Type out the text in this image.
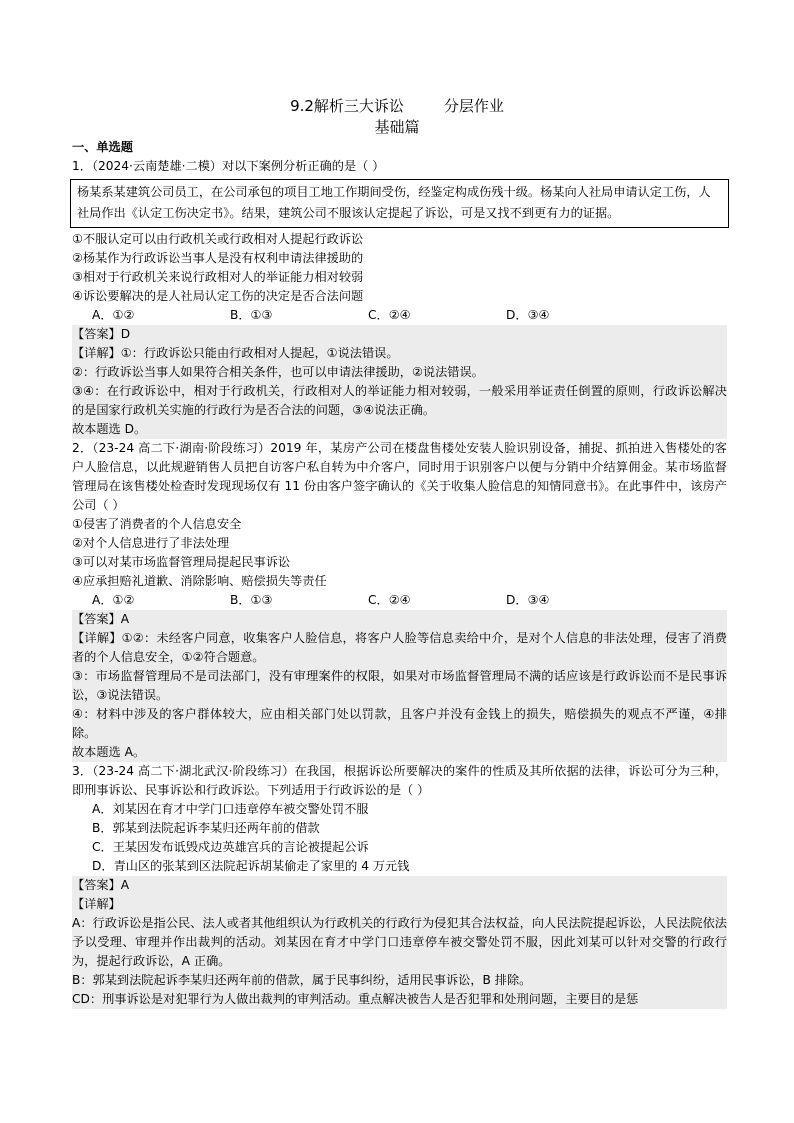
9.2解析三大诉讼	分层作业
基础篇
一、单选题
1．（2024·云南楚雄·二模）对以下案例分析正确的是（ ）
杨某系某建筑公司员工，在公司承包的项目工地工作期间受伤，经鉴定构成伤残十级。杨某向人社局申请认定工伤，人社局作出《认定工伤决定书》。结果，建筑公司不服该认定提起了诉讼，可是又找不到更有力的证据。
①不服认定可以由行政机关或行政相对人提起行政诉讼
②杨某作为行政诉讼当事人是没有权利申请法律援助的
③相对于行政机关来说行政相对人的举证能力相对较弱
④诉讼要解决的是人社局认定工伤的决定是否合法问题
A．①②	B．①③	C．②④	D．③④
【答案】D
【详解】①：行政诉讼只能由行政相对人提起，①说法错误。
②：行政诉讼当事人如果符合相关条件，也可以申请法律援助，②说法错误。
③④：在行政诉讼中，相对于行政机关，行政相对人的举证能力相对较弱，一般采用举证责任倒置的原则，行政诉讼解决的是国家行政机关实施的行政行为是否合法的问题，③④说法正确。
故本题选 D。
2．（23-24 高二下·湖南·阶段练习）2019 年，某房产公司在楼盘售楼处安装人脸识别设备，捕捉、抓拍进入售楼处的客户人脸信息，以此规避销售人员把自访客户私自转为中介客户，同时用于识别客户以便与分销中介结算佣金。某市场监督管理局在该售楼处检查时发现现场仅有 11 份由客户签字确认的《关于收集人脸信息的知情同意书》。在此事件中，该房产公司（ ）
①侵害了消费者的个人信息安全
②对个人信息进行了非法处理
③可以对某市场监督管理局提起民事诉讼
④应承担赔礼道歉、消除影响、赔偿损失等责任
A．①②	B．①③	C．②④	D．③④
【答案】A
【详解】①②：未经客户同意，收集客户人脸信息，将客户人脸等信息卖给中介，是对个人信息的非法处理，侵害了消费者的个人信息安全，①②符合题意。
③：市场监督管理局不是司法部门，没有审理案件的权限，如果对市场监督管理局不满的话应该是行政诉讼而不是民事诉讼，③说法错误。
④：材料中涉及的客户群体较大，应由相关部门处以罚款，且客户并没有金钱上的损失，赔偿损失的观点不严谨，④排除。
故本题选 A。
3．（23-24 高二下·湖北武汉·阶段练习）在我国，根据诉讼所要解决的案件的性质及其所依据的法律，诉讼可分为三种，即刑事诉讼、民事诉讼和行政诉讼。下列适用于行政诉讼的是（ ）
A．刘某因在育才中学门口违章停车被交警处罚不服
B．郭某到法院起诉李某归还两年前的借款
C．王某因发布诋毁戍边英雄宫兵的言论被提起公诉
D．青山区的张某到区法院起诉胡某偷走了家里的 4 万元钱
【答案】A
【详解】
A：行政诉讼是指公民、法人或者其他组织认为行政机关的行政行为侵犯其合法权益，向人民法院提起诉讼，人民法院依法予以受理、审理并作出裁判的活动。刘某因在育才中学门口违章停车被交警处罚不服，因此刘某可以针对交警的行政行为，提起行政诉讼，A 正确。
B：郭某到法院起诉李某归还两年前的借款，属于民事纠纷，适用民事诉讼，B 排除。
CD：刑事诉讼是对犯罪行为人做出裁判的审判活动。重点解决被告人是否犯罪和处刑问题，主要目的是惩
